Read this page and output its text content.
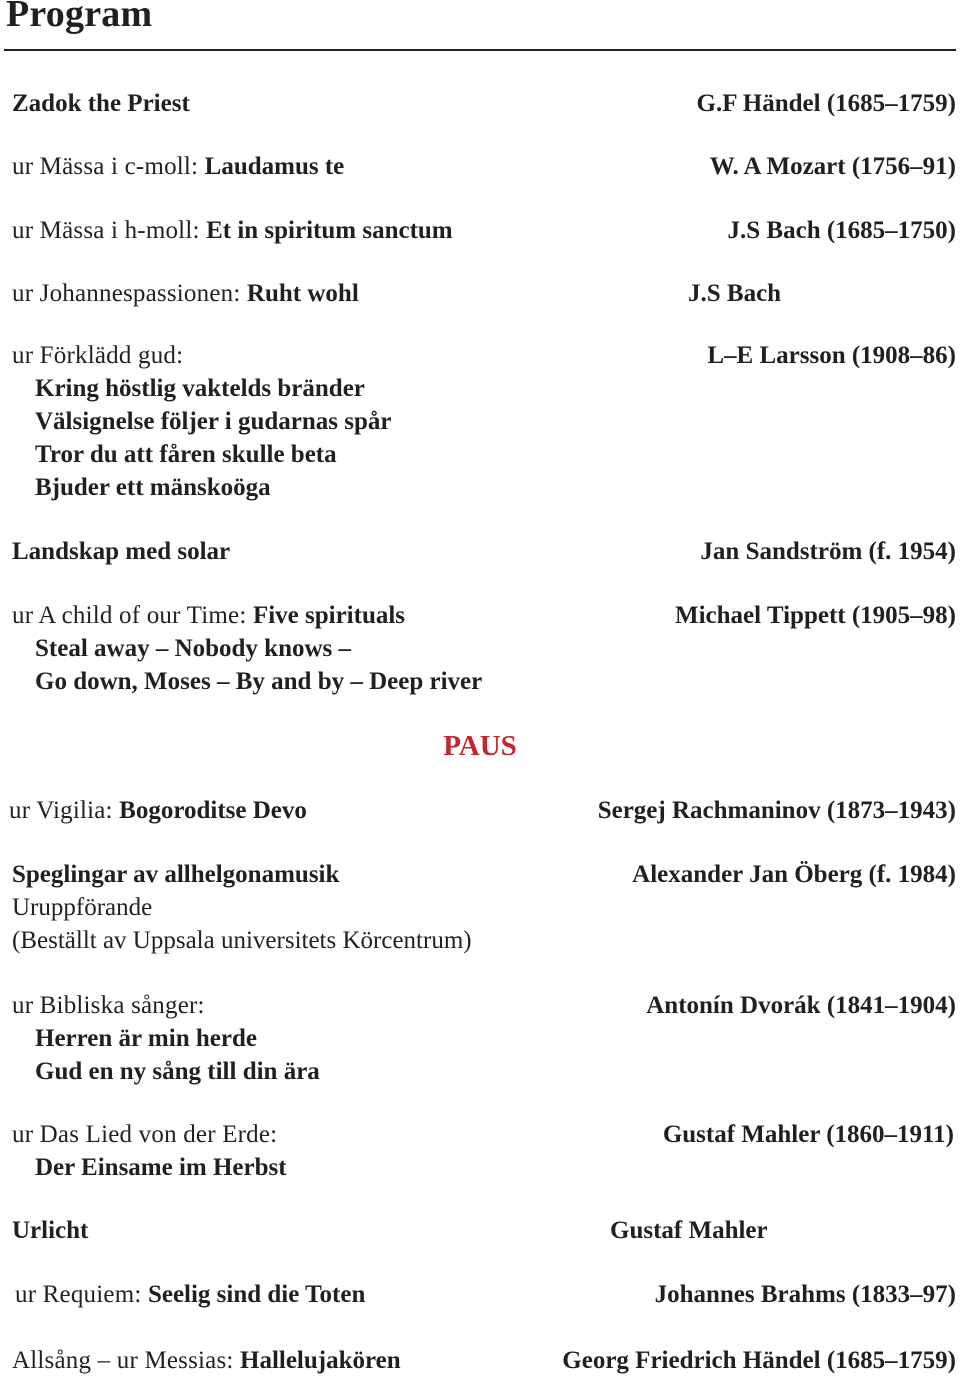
Program
Zadok the Priest	G.F Händel (1685–1759)
ur Mässa i c-moll: Laudamus te	W. A Mozart (1756–91)
ur Mässa i h-moll: Et in spiritum sanctum	J.S Bach (1685–1750)
ur Johannespassionen: Ruht wohl	J.S Bach
ur Förklädd gud:	L–E Larsson (1908–86)
Kring höstlig vaktelds bränder
Välsignelse följer i gudarnas spår
Tror du att fåren skulle beta
Bjuder ett mänskoöga
Landskap med solar	Jan Sandström (f. 1954)
ur A child of our Time: Five spirituals	Michael Tippett (1905–98)
Steal away – Nobody knows –
Go down, Moses – By and by – Deep river
PAUS
ur Vigilia: Bogoroditse Devo	Sergej Rachmaninov (1873–1943)
Speglingar av allhelgonamusik	Alexander Jan Öberg (f. 1984)
Uruppförande
(Beställt av Uppsala universitets Körcentrum)
ur Bibliska sånger:	Antonín Dvorák (1841–1904)
Herren är min herde
Gud en ny sång till din ära
ur Das Lied von der Erde:	Gustaf Mahler (1860–1911)
Der Einsame im Herbst
Urlicht	Gustaf Mahler
ur Requiem: Seelig sind die Toten	Johannes Brahms (1833–97)
Allsång – ur Messias: Hallelujakören	Georg Friedrich Händel (1685–1759)
